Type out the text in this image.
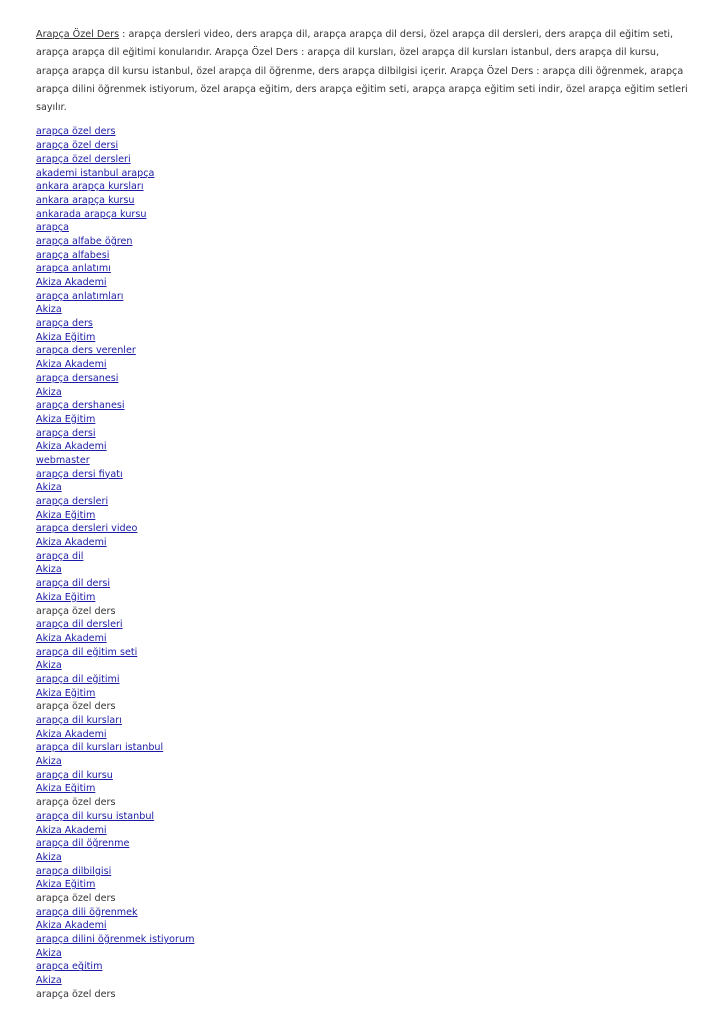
Arapça Özel Ders : arapça dersleri video, ders arapça dil, arapça arapça dil dersi, özel arapça dil dersleri, ders arapça dil eğitim seti, arapça arapça dil eğitimi konularıdır. Arapça Özel Ders : arapça dil kursları, özel arapça dil kursları istanbul, ders arapça dil kursu, arapça arapça dil kursu istanbul, özel arapça dil öğrenme, ders arapça dilbilgisi içerir. Arapça Özel Ders : arapça dili öğrenmek, arapça arapça dilini öğrenmek istiyorum, özel arapça eğitim, ders arapça eğitim seti, arapça arapça eğitim seti indir, özel arapça eğitim setleri sayılır.

arapça özel ders
arapça özel dersi
arapça özel dersleri
akademi istanbul arapça
ankara arapça kursları
ankara arapça kursu
ankarada arapça kursu
arapça
arapça alfabe öğren
arapça alfabesi
arapça anlatımı
Akiza Akademi
arapça anlatımları
Akiza
arapça ders
Akiza Eğitim
arapça ders verenler
Akiza Akademi
arapça dersanesi
Akiza
arapça dershanesi
Akiza Eğitim
arapça dersi
Akiza Akademi
webmaster
arapça dersi fiyatı
Akiza
arapça dersleri
Akiza Eğitim
arapça dersleri video
Akiza Akademi
arapça dil
Akiza
arapça dil dersi
Akiza Eğitim
arapça özel ders
arapça dil dersleri
Akiza Akademi
arapça dil eğitim seti
Akiza
arapça dil eğitimi
Akiza Eğitim
arapça özel ders
arapça dil kursları
Akiza Akademi
arapça dil kursları istanbul
Akiza
arapça dil kursu
Akiza Eğitim
arapça özel ders
arapça dil kursu istanbul
Akiza Akademi
arapça dil öğrenme
Akiza
arapça dilbilgisi
Akiza Eğitim
arapça özel ders
arapça dili öğrenmek
Akiza Akademi
arapça dilini öğrenmek istiyorum
Akiza
arapça eğitim
Akiza
arapça özel ders
